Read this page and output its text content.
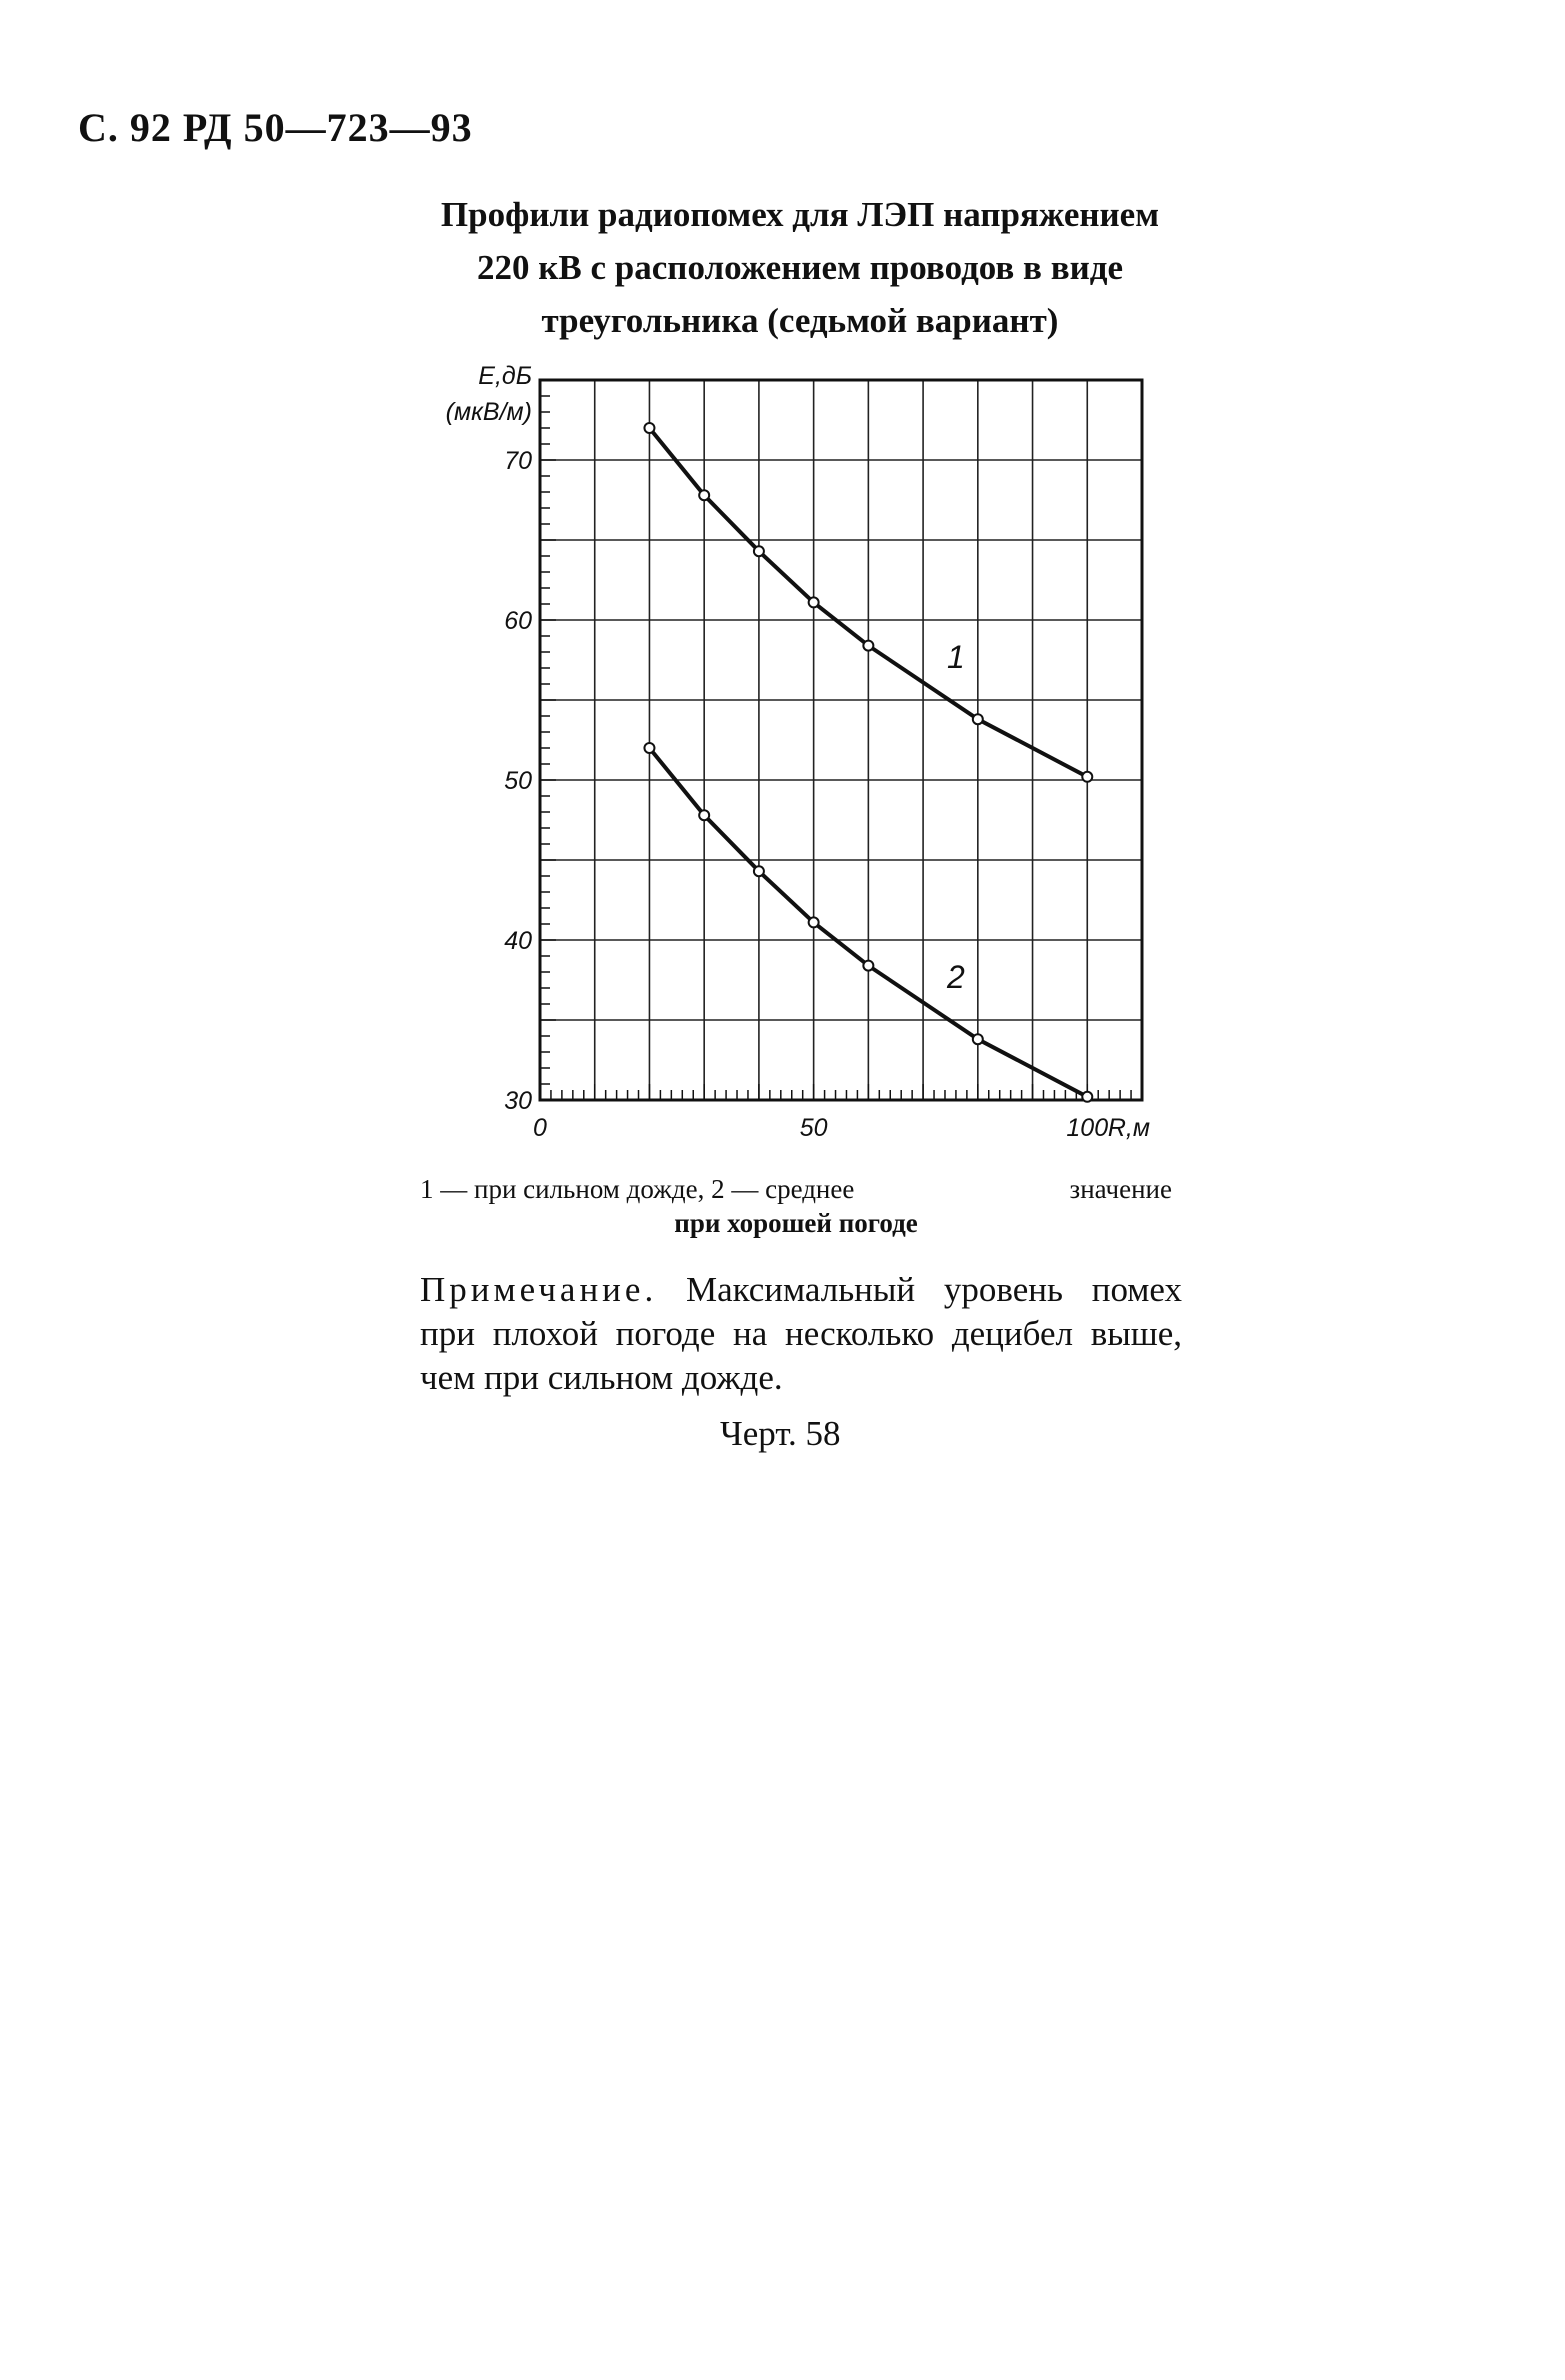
С. 92 РД 50—723—93
Профили радиопомех для ЛЭП напряжением 220 кВ с расположением проводов в виде треугольника (седьмой вариант)
0	50	100
30
40
50
60
70
R,м
E,дБ
(мкВ/м)
1
2
1 — при сильном дожде, 2 — среднее	значение
при хорошей погоде
Примечание. Максимальный уровень помех при плохой погоде на несколько децибел выше, чем при сильном дожде.
Черт. 58
